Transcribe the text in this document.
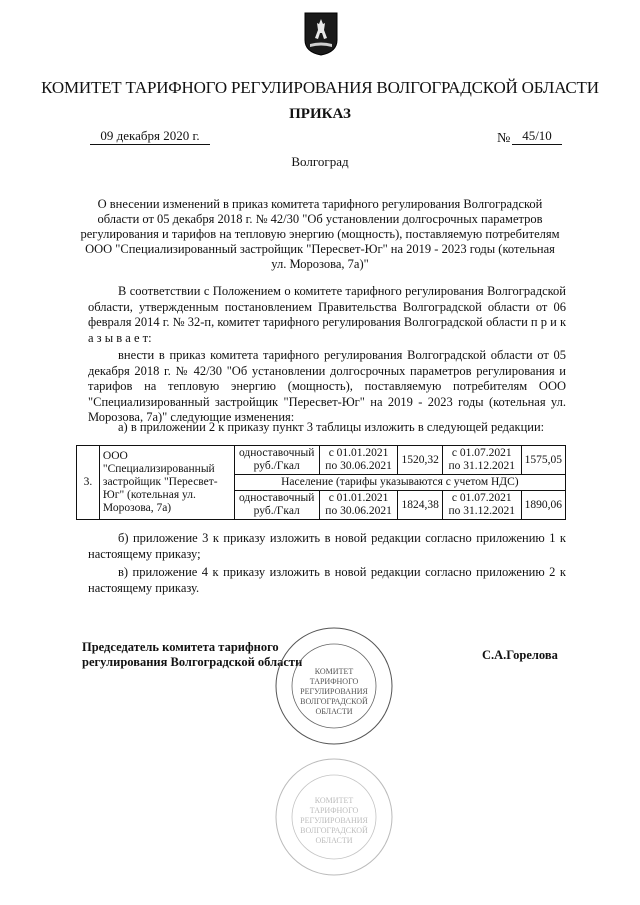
КОМИТЕТ ТАРИФНОГО РЕГУЛИРОВАНИЯ ВОЛГОГРАДСКОЙ ОБЛАСТИ
ПРИКАЗ
09 декабря 2020 г.	№ 45/10
Волгоград
О внесении изменений в приказ комитета тарифного регулирования Волгоградской области от 05 декабря 2018 г. № 42/30 "Об установлении долгосрочных параметров регулирования и тарифов на тепловую энергию (мощность), поставляемую потребителям ООО "Специализированный застройщик "Пересвет-Юг" на 2019 - 2023 годы (котельная ул. Морозова, 7а)"
В соответствии с Положением о комитете тарифного регулирования Волгоградской области, утвержденным постановлением Правительства Волгоградской области от 06 февраля 2014 г. № 32-п, комитет тарифного регулирования Волгоградской области п р и к а з ы в а е т:
внести в приказ комитета тарифного регулирования Волгоградской области от 05 декабря 2018 г. № 42/30 "Об установлении долгосрочных параметров регулирования и тарифов на тепловую энергию (мощность), поставляемую потребителям ООО "Специализированный застройщик "Пересвет-Юг" на 2019 - 2023 годы (котельная ул. Морозова, 7а)" следующие изменения:
а) в приложении 2 к приказу пункт 3 таблицы изложить в следующей редакции:
3.	ООО "Специализированный застройщик "Пересвет-Юг" (котельная ул. Морозова, 7а)	одноставочный руб./Гкал	с 01.01.2021 по 30.06.2021	1520,32	с 01.07.2021 по 31.12.2021	1575,05
		Население (тарифы указываются с учетом НДС)				
		одноставочный руб./Гкал	с 01.01.2021 по 30.06.2021	1824,38	с 01.07.2021 по 31.12.2021	1890,06
б) приложение 3 к приказу изложить в новой редакции согласно приложению 1 к настоящему приказу;
в) приложение 4 к приказу изложить в новой редакции согласно приложению 2 к настоящему приказу.
Председатель комитета тарифного регулирования Волгоградской области	С.А.Горелова
КОМИТЕТ
ТАРИФНОГО
РЕГУЛИРОВАНИЯ
ВОЛГОГРАДСКОЙ
ОБЛАСТИ
КОМИТЕТ
ТАРИФНОГО
РЕГУЛИРОВАНИЯ
ВОЛГОГРАДСКОЙ
ОБЛАСТИ
